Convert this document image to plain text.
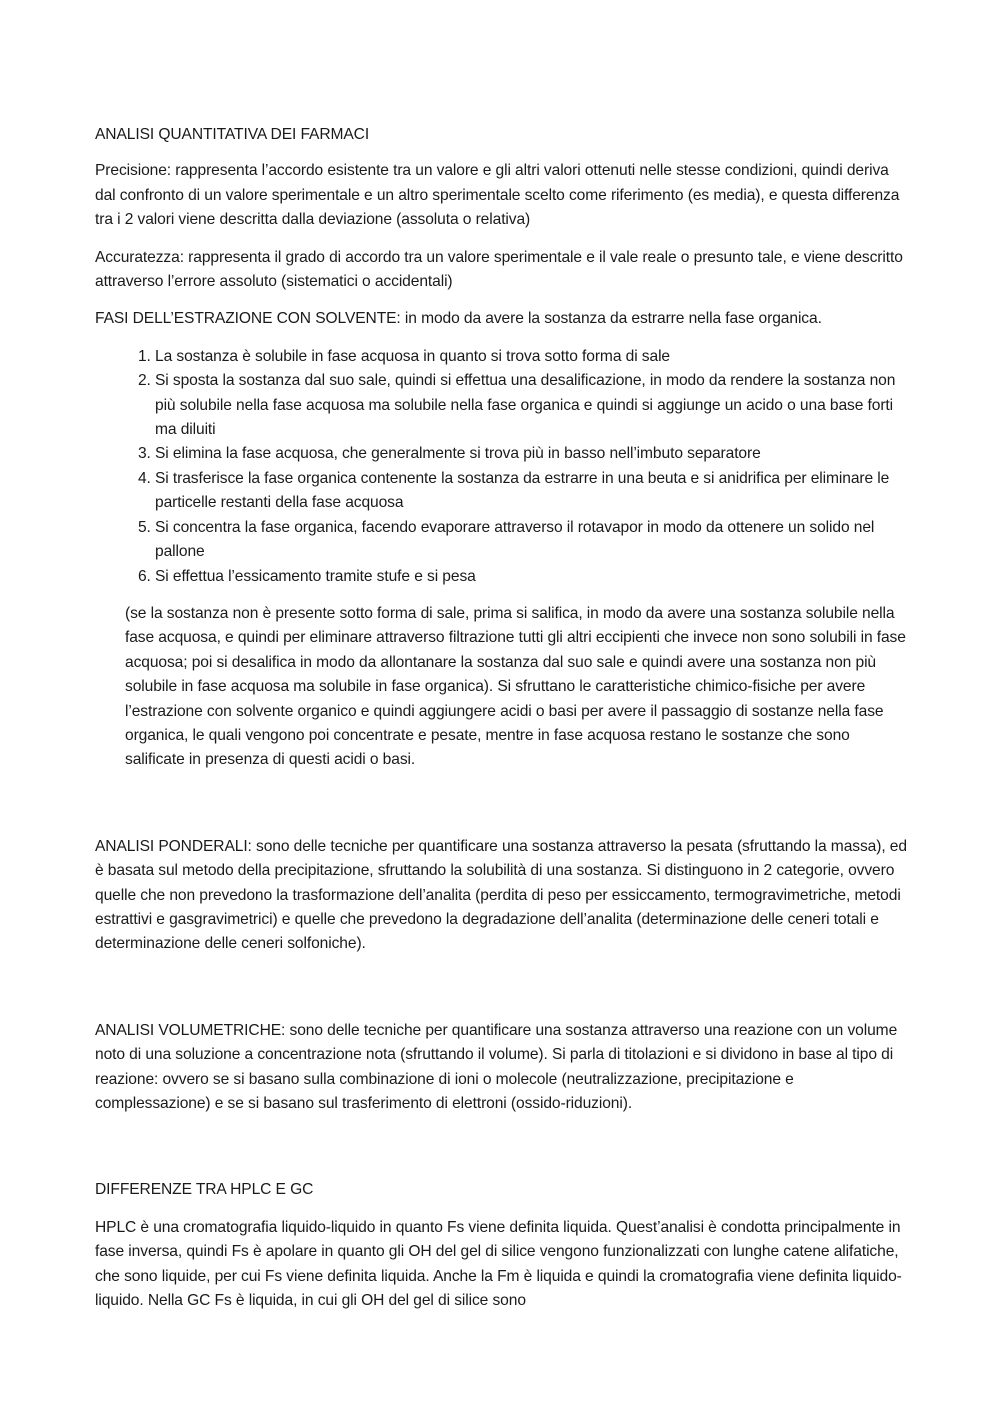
ANALISI QUANTITATIVA DEI FARMACI

Precisione: rappresenta l’accordo esistente tra un valore e gli altri valori ottenuti nelle stesse condizioni, quindi deriva dal confronto di un valore sperimentale e un altro sperimentale scelto come riferimento (es media), e questa differenza tra i 2 valori viene descritta dalla deviazione (assoluta o relativa)

Accuratezza: rappresenta il grado di accordo tra un valore sperimentale e il vale reale o presunto tale, e viene descritto attraverso l’errore assoluto (sistematici o accidentali)

FASI DELL’ESTRAZIONE CON SOLVENTE: in modo da avere la sostanza da estrarre nella fase organica.

1. La sostanza è solubile in fase acquosa in quanto si trova sotto forma di sale
2. Si sposta la sostanza dal suo sale, quindi si effettua una desalificazione, in modo da rendere la sostanza non più solubile nella fase acquosa ma solubile nella fase organica e quindi si aggiunge un acido o una base forti ma diluiti
3. Si elimina la fase acquosa, che generalmente si trova più in basso nell’imbuto separatore
4. Si trasferisce la fase organica contenente la sostanza da estrarre in una beuta e si anidrifica per eliminare le particelle restanti della fase acquosa
5. Si concentra la fase organica, facendo evaporare attraverso il rotavapor in modo da ottenere un solido nel pallone
6. Si effettua l’essicamento tramite stufe e si pesa

(se la sostanza non è presente sotto forma di sale, prima si salifica, in modo da avere una sostanza solubile nella fase acquosa, e quindi per eliminare attraverso filtrazione tutti gli altri eccipienti che invece non sono solubili in fase acquosa; poi si desalifica in modo da allontanare la sostanza dal suo sale e quindi avere una sostanza non più solubile in fase acquosa ma solubile in fase organica). Si sfruttano le caratteristiche chimico-fisiche per avere l’estrazione con solvente organico e quindi aggiungere acidi o basi per avere il passaggio di sostanze nella fase organica, le quali vengono poi concentrate e pesate, mentre in fase acquosa restano le sostanze che sono salificate in presenza di questi acidi o basi.

ANALISI PONDERALI: sono delle tecniche per quantificare una sostanza attraverso la pesata (sfruttando la massa), ed è basata sul metodo della precipitazione, sfruttando la solubilità di una sostanza. Si distinguono in 2 categorie, ovvero quelle che non prevedono la trasformazione dell’analita (perdita di peso per essiccamento, termogravimetriche, metodi estrattivi e gasgravimetrici) e quelle che prevedono la degradazione dell’analita (determinazione delle ceneri totali e determinazione delle ceneri solfoniche).

ANALISI VOLUMETRICHE: sono delle tecniche per quantificare una sostanza attraverso una reazione con un volume noto di una soluzione a concentrazione nota (sfruttando il volume). Si parla di titolazioni e si dividono in base al tipo di reazione: ovvero se si basano sulla combinazione di ioni o molecole (neutralizzazione, precipitazione e complessazione) e se si basano sul trasferimento di elettroni (ossido-riduzioni).

DIFFERENZE TRA HPLC E GC

HPLC è una cromatografia liquido-liquido in quanto Fs viene definita liquida. Quest’analisi è condotta principalmente in fase inversa, quindi Fs è apolare in quanto gli OH del gel di silice vengono funzionalizzati con lunghe catene alifatiche, che sono liquide, per cui Fs viene definita liquida. Anche la Fm è liquida e quindi la cromatografia viene definita liquido-liquido. Nella GC Fs è liquida, in cui gli OH del gel di silice sono
